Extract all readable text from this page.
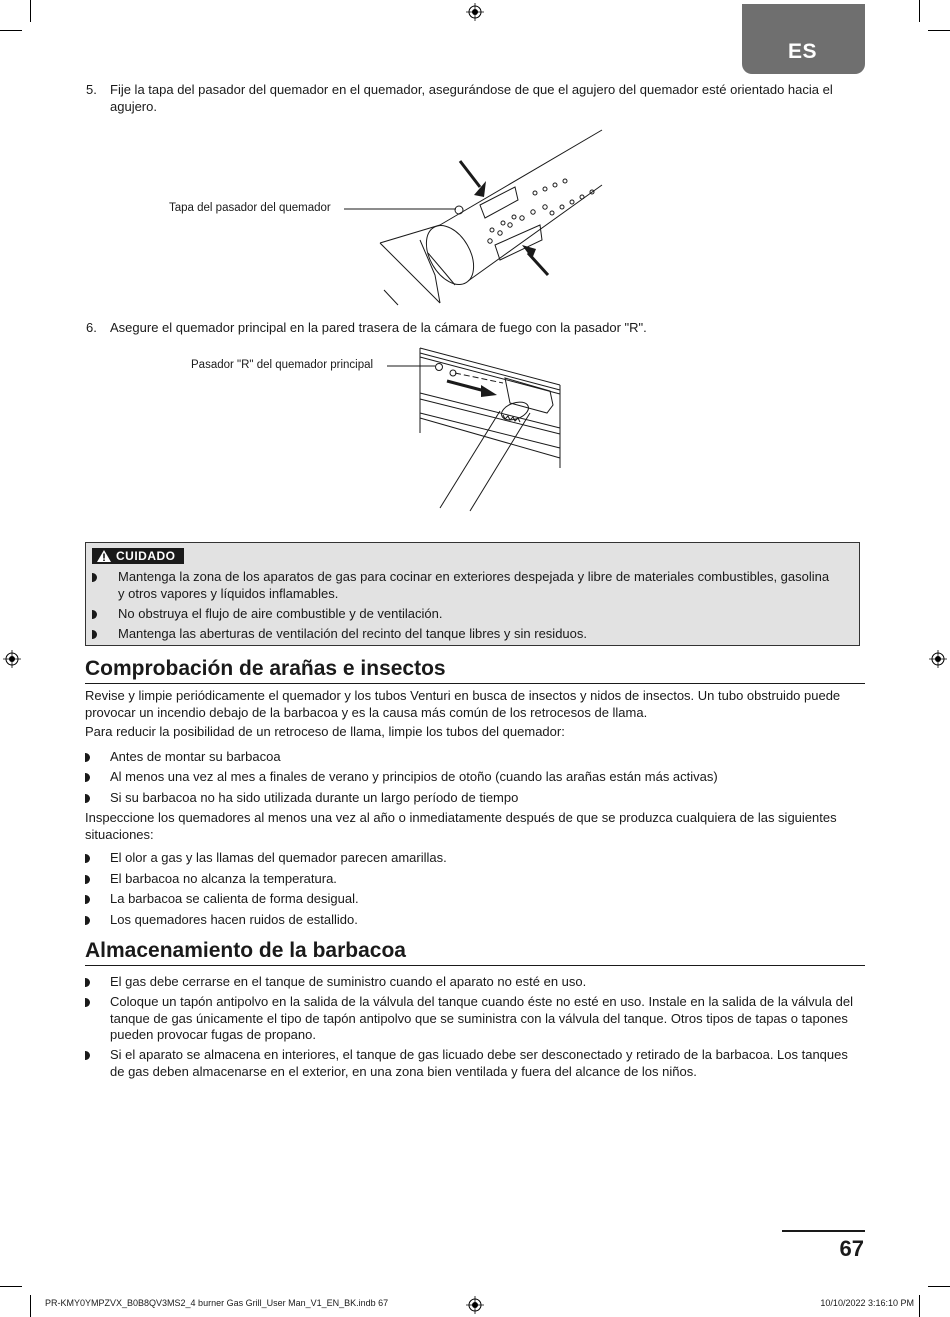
ES
5.	Fije la tapa del pasador del quemador en el quemador, asegurándose de que el agujero del quemador esté orientado hacia el agujero.
Tapa del pasador del quemador
6.	Asegure el quemador principal en la pared trasera de la cámara de fuego con la pasador "R".
Pasador "R" del quemador principal
CUIDADO
Mantenga la zona de los aparatos de gas para cocinar en exteriores despejada y libre de materiales combustibles, gasolina y otros vapores y líquidos inflamables.
No obstruya el flujo de aire combustible y de ventilación.
Mantenga las aberturas de ventilación del recinto del tanque libres y sin residuos.
Comprobación de arañas e insectos
Revise y limpie periódicamente el quemador y los tubos Venturi en busca de insectos y nidos de insectos. Un tubo obstruido puede provocar un incendio debajo de la barbacoa y es la causa más común de los retrocesos de llama.
Para reducir la posibilidad de un retroceso de llama, limpie los tubos del quemador:
Antes de montar su barbacoa
Al menos una vez al mes a finales de verano y principios de otoño (cuando las arañas están más activas)
Si su barbacoa no ha sido utilizada durante un largo período de tiempo
Inspeccione los quemadores al menos una vez al año o inmediatamente después de que se produzca cualquiera de las siguientes situaciones:
El olor a gas y las llamas del quemador parecen amarillas.
El barbacoa no alcanza la temperatura.
La barbacoa se calienta de forma desigual.
Los quemadores hacen ruidos de estallido.
Almacenamiento de la barbacoa
El gas debe cerrarse en el tanque de suministro cuando el aparato no esté en uso.
Coloque un tapón antipolvo en la salida de la válvula del tanque cuando éste no esté en uso. Instale en la salida de la válvula del tanque de gas únicamente el tipo de tapón antipolvo que se suministra con la válvula del tanque. Otros tipos de tapas o tapones pueden provocar fugas de propano.
Si el aparato se almacena en interiores, el tanque de gas licuado debe ser desconectado y retirado de la barbacoa. Los tanques de gas deben almacenarse en el exterior, en una zona bien ventilada y fuera del alcance de los niños.
67
PR-KMY0YMPZVX_B0B8QV3MS2_4 burner Gas Grill_User Man_V1_EN_BK.indb 67	10/10/2022 3:16:10 PM
